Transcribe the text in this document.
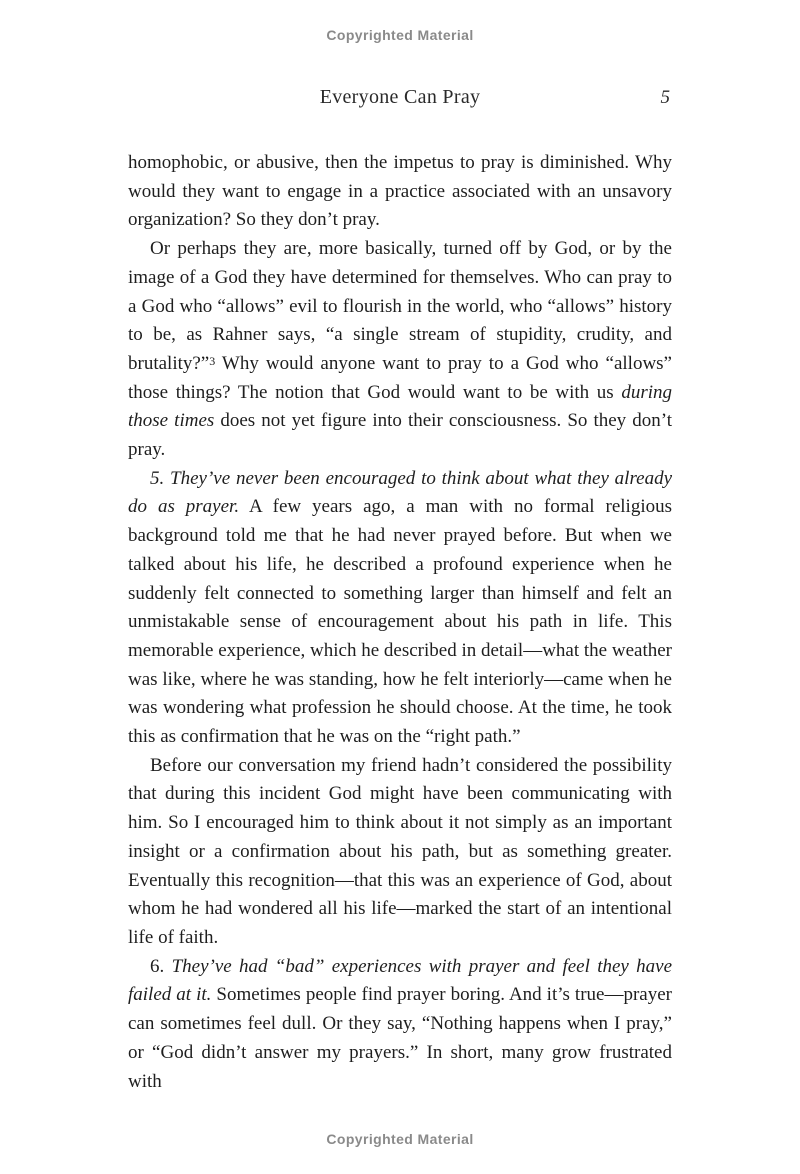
Copyrighted Material
Everyone Can Pray	5

homophobic, or abusive, then the impetus to pray is diminished. Why would they want to engage in a practice associated with an unsavory organization? So they don’t pray.

Or perhaps they are, more basically, turned off by God, or by the image of a God they have determined for themselves. Who can pray to a God who “allows” evil to flourish in the world, who “allows” history to be, as Rahner says, “a single stream of stupidity, crudity, and brutality?”$^3$ Why would anyone want to pray to a God who “allows” those things? The notion that God would want to be with us during those times does not yet figure into their consciousness. So they don’t pray.

5. They’ve never been encouraged to think about what they already do as prayer. A few years ago, a man with no formal religious background told me that he had never prayed before. But when we talked about his life, he described a profound experience when he suddenly felt connected to something larger than himself and felt an unmistakable sense of encouragement about his path in life. This memorable experience, which he described in detail—what the weather was like, where he was standing, how he felt interiorly—came when he was wondering what profession he should choose. At the time, he took this as confirmation that he was on the “right path.”

Before our conversation my friend hadn’t considered the possibility that during this incident God might have been communicating with him. So I encouraged him to think about it not simply as an important insight or a confirmation about his path, but as something greater. Eventually this recognition—that this was an experience of God, about whom he had wondered all his life—marked the start of an intentional life of faith.

6. They’ve had “bad” experiences with prayer and feel they have failed at it. Sometimes people find prayer boring. And it’s true—prayer can sometimes feel dull. Or they say, “Nothing happens when I pray,” or “God didn’t answer my prayers.” In short, many grow frustrated with

Copyrighted Material
